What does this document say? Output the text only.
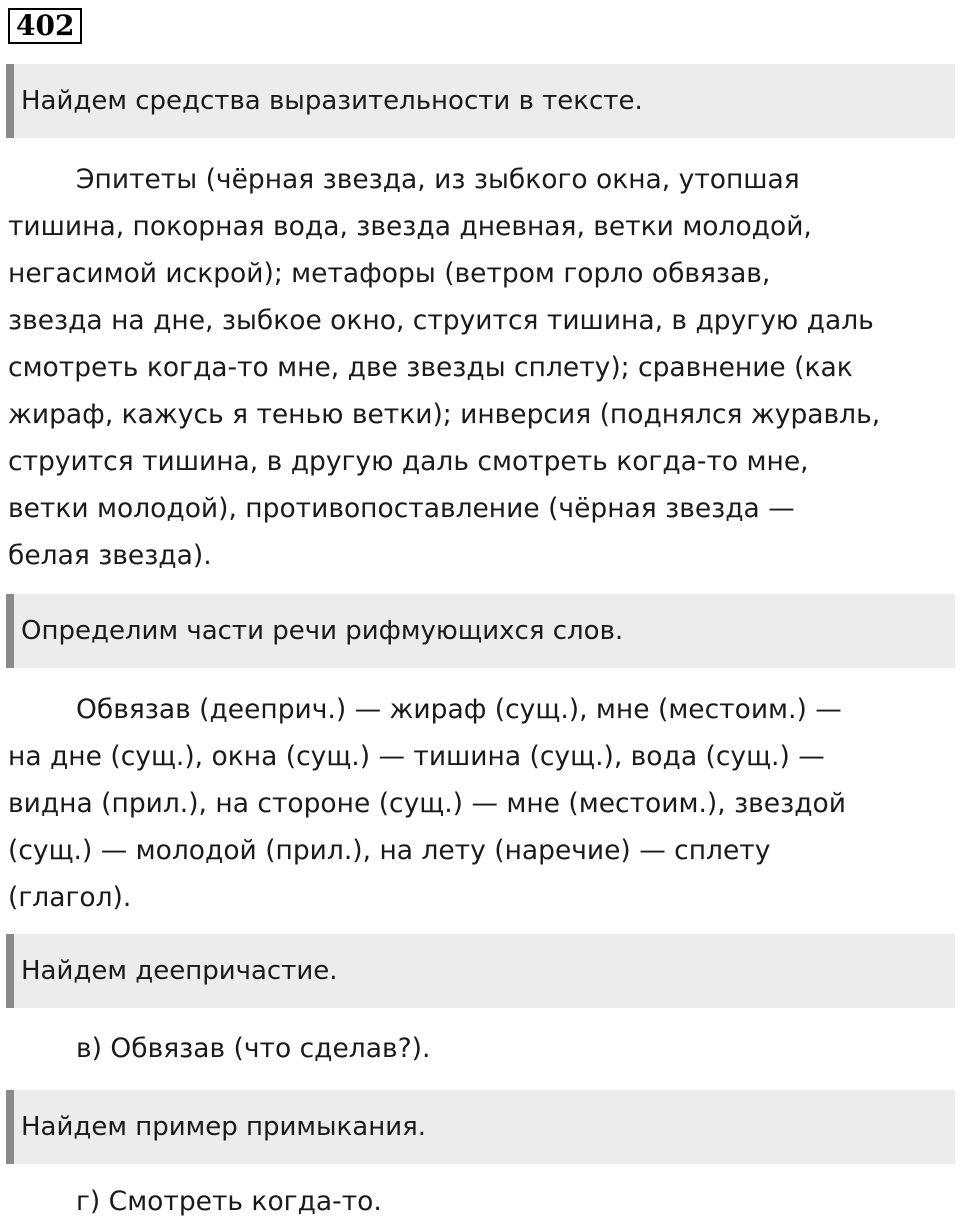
402
Найдем средства выразительности в тексте.
Эпитеты (чёрная звезда, из зыбкого окна, утопшая
тишина, покорная вода, звезда дневная, ветки молодой,
негасимой искрой); метафоры (ветром горло обвязав,
звезда на дне, зыбкое окно, струится тишина, в другую даль
смотреть когда-то мне, две звезды сплету); сравнение (как
жираф, кажусь я тенью ветки); инверсия (поднялся журавль,
струится тишина, в другую даль смотреть когда-то мне,
ветки молодой), противопоставление (чёрная звезда —
белая звезда).
Определим части речи рифмующихся слов.
Обвязав (дееприч.) — жираф (сущ.), мне (местоим.) —
на дне (сущ.), окна (сущ.) — тишина (сущ.), вода (сущ.) —
видна (прил.), на стороне (сущ.) — мне (местоим.), звездой
(сущ.) — молодой (прил.), на лету (наречие) — сплету
(глагол).
Найдем деепричастие.
в) Обвязав (что сделав?).
Найдем пример примыкания.
г) Смотреть когда-то.
